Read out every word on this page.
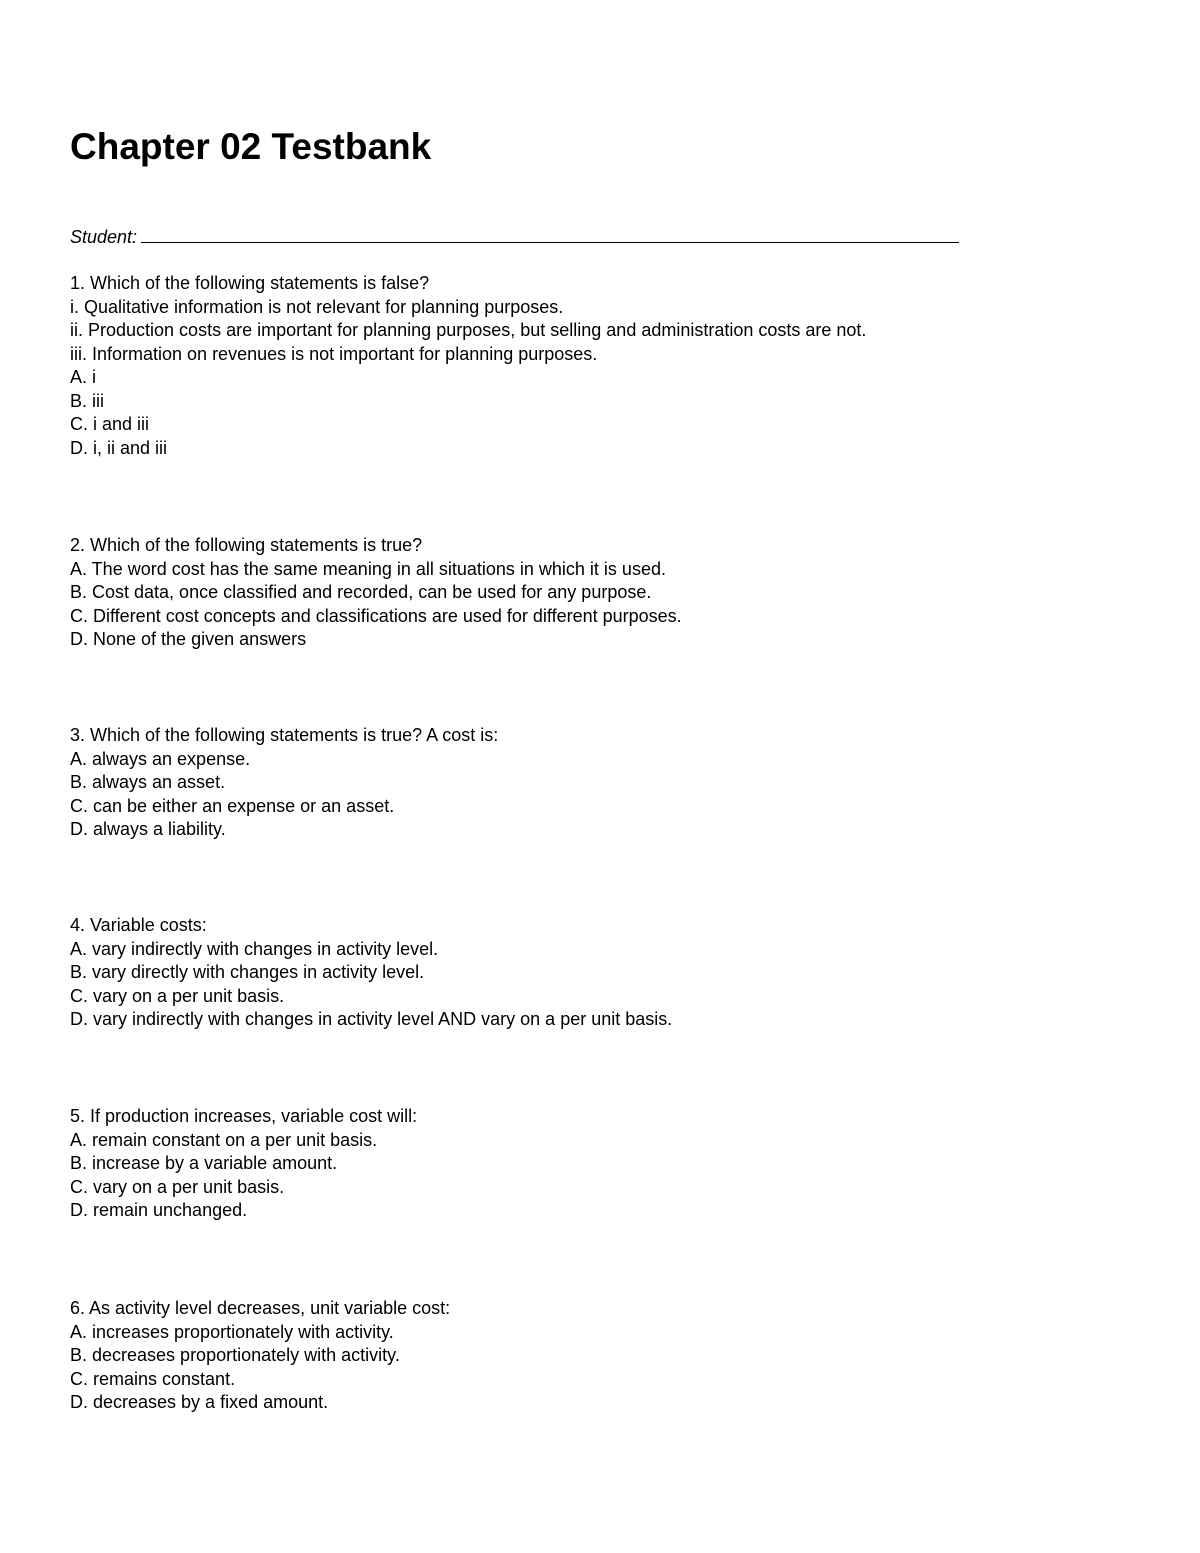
Chapter 02 Testbank
Student:
1. Which of the following statements is false?
i. Qualitative information is not relevant for planning purposes.
ii. Production costs are important for planning purposes, but selling and administration costs are not.
iii. Information on revenues is not important for planning purposes.
A. i
B. iii
C. i and iii
D. i, ii and iii
2. Which of the following statements is true?
A. The word cost has the same meaning in all situations in which it is used.
B. Cost data, once classified and recorded, can be used for any purpose.
C. Different cost concepts and classifications are used for different purposes.
D. None of the given answers
3. Which of the following statements is true? A cost is:
A. always an expense.
B. always an asset.
C. can be either an expense or an asset.
D. always a liability.
4. Variable costs:
A. vary indirectly with changes in activity level.
B. vary directly with changes in activity level.
C. vary on a per unit basis.
D. vary indirectly with changes in activity level AND vary on a per unit basis.
5. If production increases, variable cost will:
A. remain constant on a per unit basis.
B. increase by a variable amount.
C. vary on a per unit basis.
D. remain unchanged.
6. As activity level decreases, unit variable cost:
A. increases proportionately with activity.
B. decreases proportionately with activity.
C. remains constant.
D. decreases by a fixed amount.
